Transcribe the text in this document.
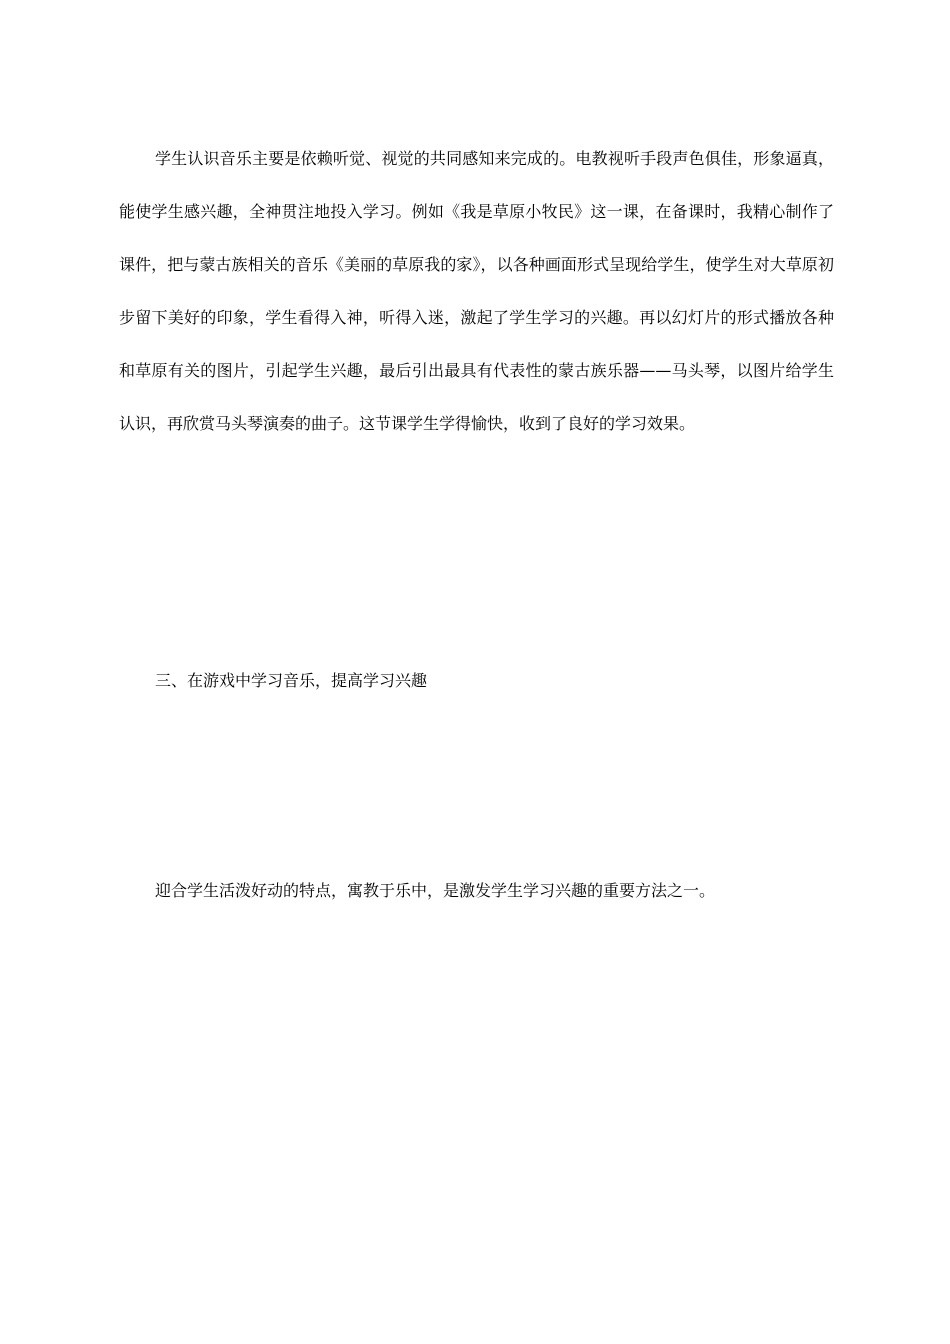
学生认识音乐主要是依赖听觉、视觉的共同感知来完成的。电教视听手段声色俱佳，形象逼真，能使学生感兴趣，全神贯注地投入学习。例如《我是草原小牧民》这一课，在备课时，我精心制作了课件，把与蒙古族相关的音乐《美丽的草原我的家》，以各种画面形式呈现给学生，使学生对大草原初步留下美好的印象，学生看得入神，听得入迷，激起了学生学习的兴趣。再以幻灯片的形式播放各种和草原有关的图片，引起学生兴趣，最后引出最具有代表性的蒙古族乐器——马头琴，以图片给学生认识，再欣赏马头琴演奏的曲子。这节课学生学得愉快，收到了良好的学习效果。

三、在游戏中学习音乐，提高学习兴趣

迎合学生活泼好动的特点，寓教于乐中，是激发学生学习兴趣的重要方法之一。
